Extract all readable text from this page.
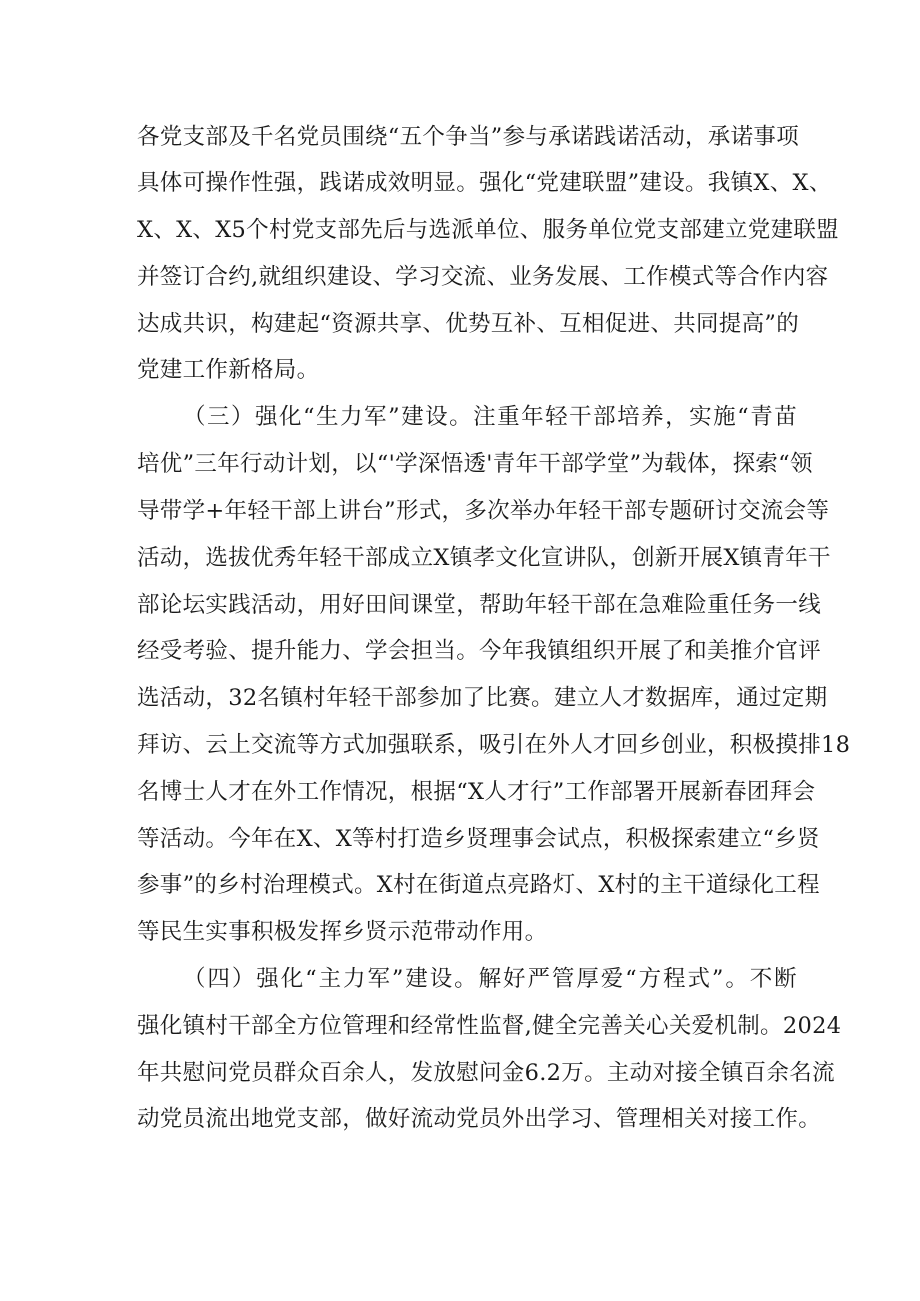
各党支部及千名党员围绕“五个争当”参与承诺践诺活动，承诺事项
具体可操作性强，践诺成效明显。强化“党建联盟”建设。我镇X、X、
X、X、X5个村党支部先后与选派单位、服务单位党支部建立党建联盟
并签订合约,就组织建设、学习交流、业务发展、工作模式等合作内容
达成共识，构建起“资源共享、优势互补、互相促进、共同提高”的
党建工作新格局。
（三）强化“生力军”建设。注重年轻干部培养，实施“青苗
培优”三年行动计划，以“'学深悟透'青年干部学堂”为载体，探索“领
导带学+年轻干部上讲台”形式，多次举办年轻干部专题研讨交流会等
活动，选拔优秀年轻干部成立X镇孝文化宣讲队，创新开展X镇青年干
部论坛实践活动，用好田间课堂，帮助年轻干部在急难险重任务一线
经受考验、提升能力、学会担当。今年我镇组织开展了和美推介官评
选活动，32名镇村年轻干部参加了比赛。建立人才数据库，通过定期
拜访、云上交流等方式加强联系，吸引在外人才回乡创业，积极摸排18
名博士人才在外工作情况，根据“X人才行”工作部署开展新春团拜会
等活动。今年在X、X等村打造乡贤理事会试点，积极探索建立“乡贤
参事”的乡村治理模式。X村在街道点亮路灯、X村的主干道绿化工程
等民生实事积极发挥乡贤示范带动作用。
（四）强化“主力军”建设。解好严管厚爱“方程式”。不断
强化镇村干部全方位管理和经常性监督,健全完善关心关爱机制。2024
年共慰问党员群众百余人，发放慰问金6.2万。主动对接全镇百余名流
动党员流出地党支部，做好流动党员外出学习、管理相关对接工作。
